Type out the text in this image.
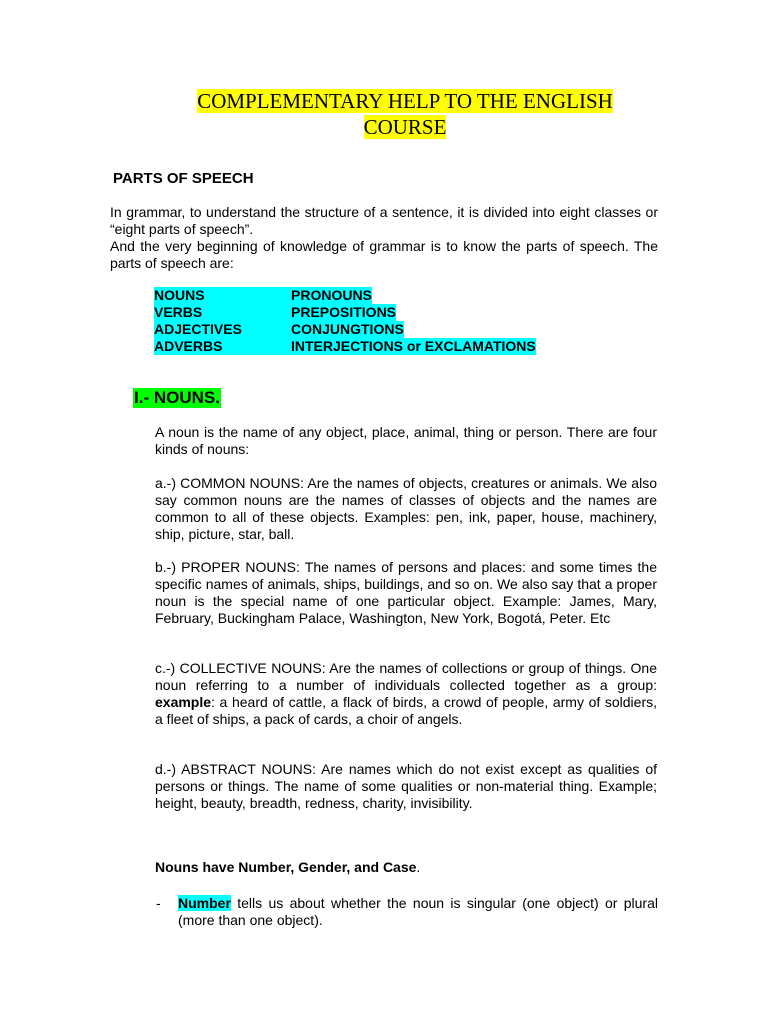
COMPLEMENTARY HELP TO THE ENGLISH
COURSE
PARTS OF SPEECH
In grammar, to understand the structure of a sentence, it is divided into eight classes or “eight parts of speech”.
And the very beginning of knowledge of grammar is to know the parts of speech. The parts of speech are:
NOUNS	PRONOUNS
VERBS	PREPOSITIONS
ADJECTIVES	CONJUNGTIONS
ADVERBS	INTERJECTIONS or EXCLAMATIONS
I.- NOUNS.
A noun is the name of any object, place, animal, thing or person. There are four kinds of nouns:
a.-) COMMON NOUNS: Are the names of objects, creatures or animals. We also say common nouns are the names of classes of objects and the names are common to all of these objects. Examples: pen, ink, paper, house, machinery, ship, picture, star, ball.
b.-) PROPER NOUNS: The names of persons and places: and some times the specific names of animals, ships, buildings, and so on. We also say that a proper noun is the special name of one particular object. Example: James, Mary, February, Buckingham Palace, Washington, New York, Bogotá, Peter. Etc
c.-) COLLECTIVE NOUNS: Are the names of collections or group of things. One noun referring to a number of individuals collected together as a group: example: a heard of cattle, a flack of birds, a crowd of people, army of soldiers, a fleet of ships, a pack of cards, a choir of angels.
d.-) ABSTRACT NOUNS: Are names which do not exist except as qualities of persons or things. The name of some qualities or non-material thing. Example; height, beauty, breadth, redness, charity, invisibility.
Nouns have Number, Gender, and Case.
- Number tells us about whether the noun is singular (one object) or plural (more than one object).
